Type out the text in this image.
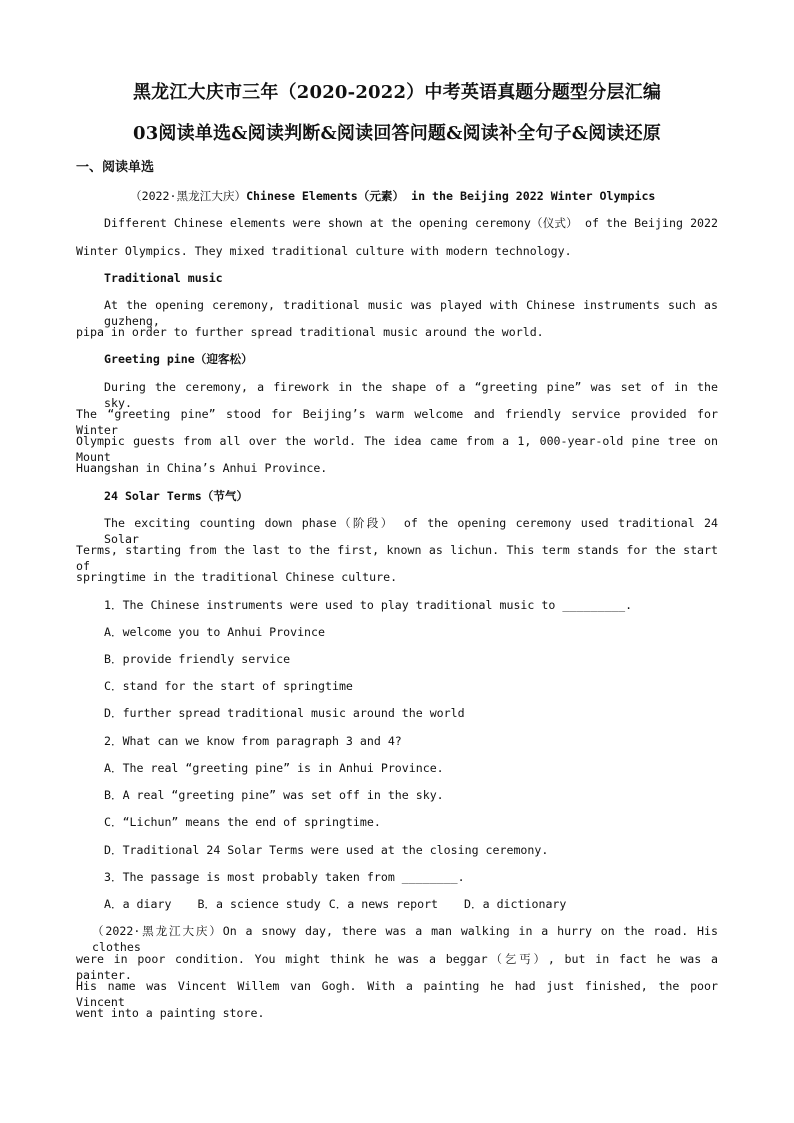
黑龙江大庆市三年（2020-2022）中考英语真题分题型分层汇编
03阅读单选&阅读判断&阅读回答问题&阅读补全句子&阅读还原
一、阅读单选
（2022·黑龙江大庆）Chinese Elements（元素） in the Beijing 2022 Winter Olympics
Different Chinese elements were shown at the opening ceremony（仪式） of the Beijing 2022
Winter Olympics. They mixed traditional culture with modern technology.
Traditional music
At the opening ceremony, traditional music was played with Chinese instruments such as guzheng,
pipa in order to further spread traditional music around the world.
Greeting pine（迎客松）
During the ceremony, a firework in the shape of a “greeting pine” was set of in the sky.
The “greeting pine” stood for Beijing’s warm welcome and friendly service provided for Winter
Olympic guests from all over the world. The idea came from a 1, 000-year-old pine tree on Mount
Huangshan in China’s Anhui Province.
24 Solar Terms（节气）
The exciting counting down phase（阶段） of the opening ceremony used traditional 24 Solar
Terms, starting from the last to the first, known as lichun. This term stands for the start of
springtime in the traditional Chinese culture.
1．The Chinese instruments were used to play traditional music to _________.
A．welcome you to Anhui Province
B．provide friendly service
C．stand for the start of springtime
D．further spread traditional music around the world
2．What can we know from paragraph 3 and 4?
A．The real “greeting pine” is in Anhui Province.
B．A real “greeting pine” was set off in the sky.
C．“Lichun” means the end of springtime.
D．Traditional 24 Solar Terms were used at the closing ceremony.
3．The passage is most probably taken from ________.
A．a diary B．a science study C．a news report D．a dictionary
（2022·黑龙江大庆）On a snowy day, there was a man walking in a hurry on the road. His clothes
were in poor condition. You might think he was a beggar（乞丐）, but in fact he was a painter.
His name was Vincent Willem van Gogh. With a painting he had just finished, the poor Vincent
went into a painting store.
